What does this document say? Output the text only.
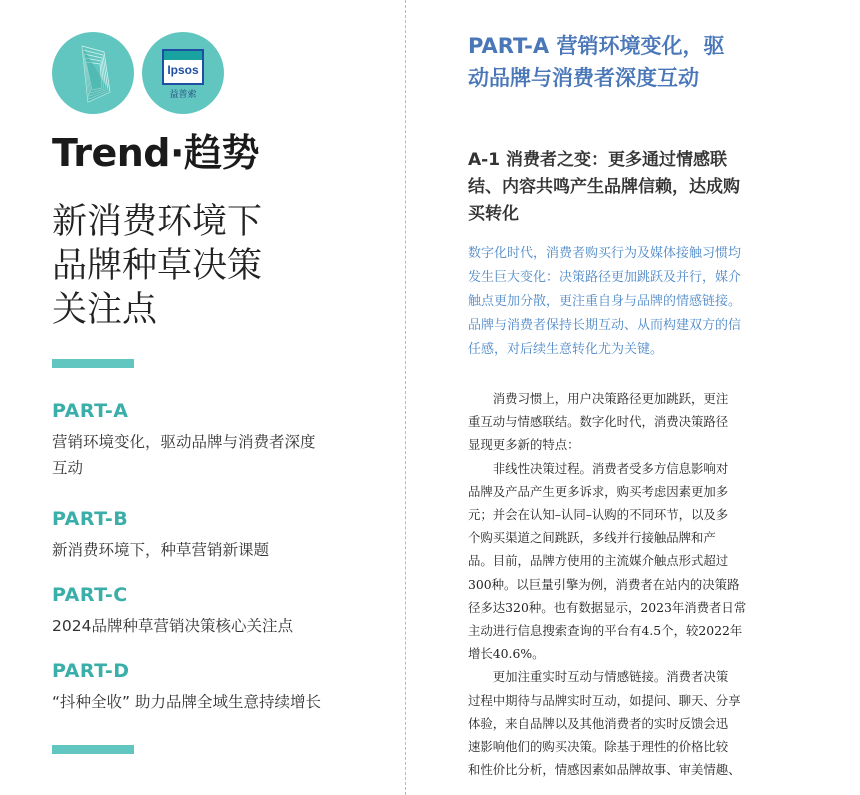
Ipsos
益普索
Trend·趋势
新消费环境下
品牌种草决策
关注点
PART-A
营销环境变化，驱动品牌与消费者深度
互动
PART-B
新消费环境下，种草营销新课题
PART-C
2024品牌种草营销决策核心关注点
PART-D
“抖种全收” 助力品牌全域生意持续增长
PART-A 营销环境变化，驱
动品牌与消费者深度互动
A-1 消费者之变：更多通过情感联
结、内容共鸣产生品牌信赖，达成购
买转化
数字化时代，消费者购买行为及媒体接触习惯均
发生巨大变化：决策路径更加跳跃及并行，媒介
触点更加分散，更注重自身与品牌的情感链接。
品牌与消费者保持长期互动、从而构建双方的信
任感，对后续生意转化尤为关键。

消费习惯上，用户决策路径更加跳跃，更注
重互动与情感联结。数字化时代，消费决策路径
显现更多新的特点：

非线性决策过程。消费者受多方信息影响对
品牌及产品产生更多诉求，购买考虑因素更加多
元；并会在认知–认同–认购的不同环节，以及多
个购买渠道之间跳跃，多线并行接触品牌和产
品。目前，品牌方使用的主流媒介触点形式超过
300种。以巨量引擎为例，消费者在站内的决策路
径多达320种。也有数据显示，2023年消费者日常
主动进行信息搜索查询的平台有4.5个，较2022年
增长40.6%。

更加注重实时互动与情感链接。消费者决策
过程中期待与品牌实时互动，如提问、聊天、分享
体验，来自品牌以及其他消费者的实时反馈会迅
速影响他们的购买决策。除基于理性的价格比较
和性价比分析，情感因素如品牌故事、审美情趣、
